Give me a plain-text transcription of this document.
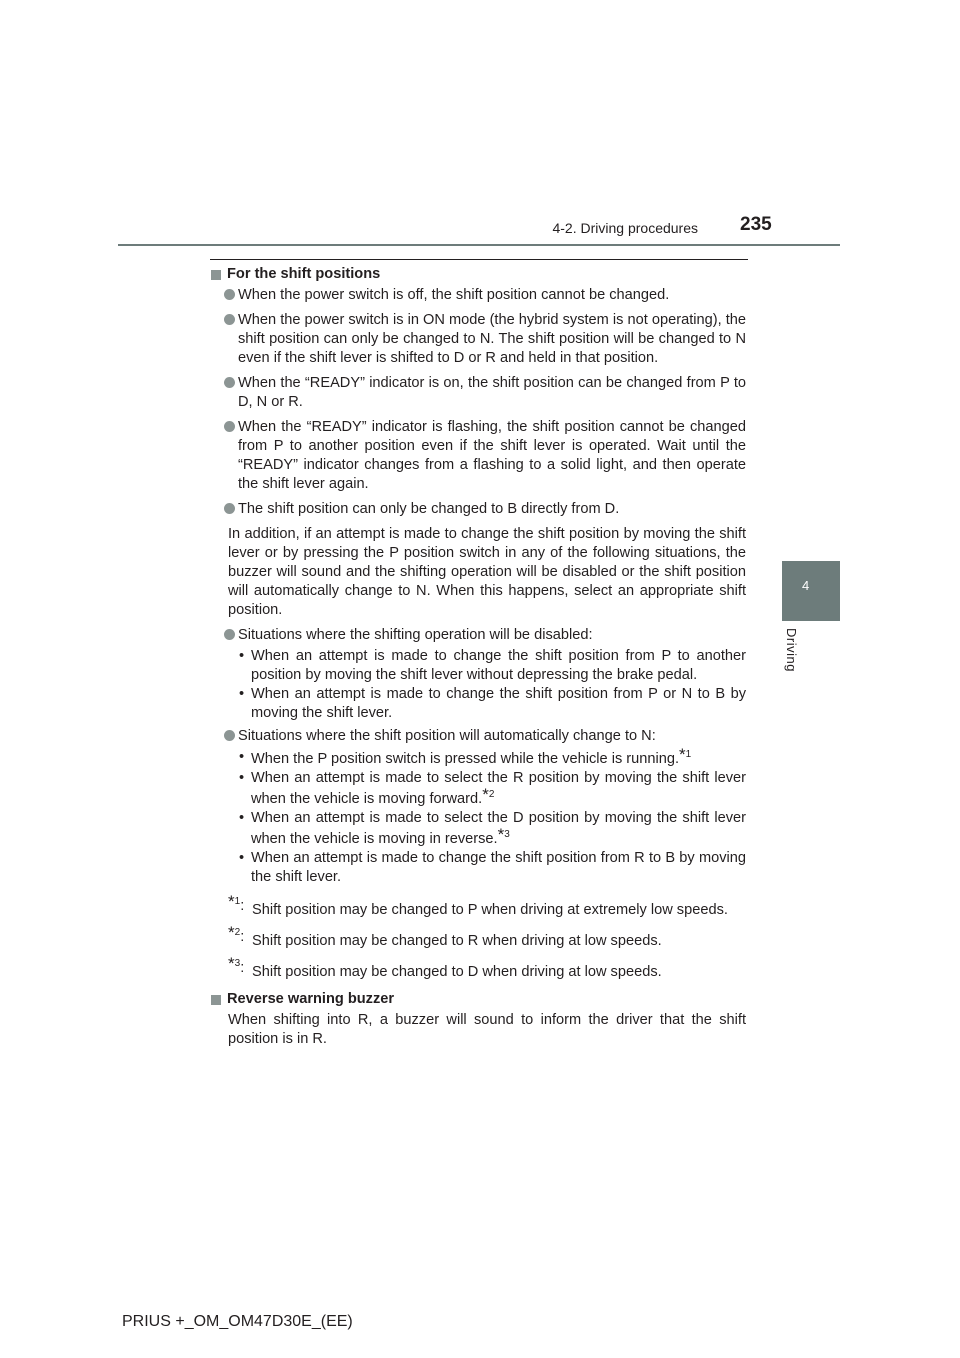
4-2. Driving procedures 235
4
Driving
For the shift positions
When the power switch is off, the shift position cannot be changed.
When the power switch is in ON mode (the hybrid system is not operating), the shift position can only be changed to N. The shift position will be changed to N even if the shift lever is shifted to D or R and held in that position.
When the “READY” indicator is on, the shift position can be changed from P to D, N or R.
When the “READY” indicator is flashing, the shift position cannot be changed from P to another position even if the shift lever is operated. Wait until the “READY” indicator changes from a flashing to a solid light, and then operate the shift lever again.
The shift position can only be changed to B directly from D.
In addition, if an attempt is made to change the shift position by moving the shift lever or by pressing the P position switch in any of the following situations, the buzzer will sound and the shifting operation will be disabled or the shift position will automatically change to N. When this happens, select an appropriate shift position.
Situations where the shifting operation will be disabled:
• When an attempt is made to change the shift position from P to another position by moving the shift lever without depressing the brake pedal.
• When an attempt is made to change the shift position from P or N to B by moving the shift lever.
Situations where the shift position will automatically change to N:
• When the P position switch is pressed while the vehicle is running.*$^1$
• When an attempt is made to select the R position by moving the shift lever when the vehicle is moving forward.*$^2$
• When an attempt is made to select the D position by moving the shift lever when the vehicle is moving in reverse.*$^3$
• When an attempt is made to change the shift position from R to B by moving the shift lever.
*$^1$: Shift position may be changed to P when driving at extremely low speeds.
*$^2$: Shift position may be changed to R when driving at low speeds.
*$^3$: Shift position may be changed to D when driving at low speeds.
Reverse warning buzzer
When shifting into R, a buzzer will sound to inform the driver that the shift position is in R.
PRIUS +_OM_OM47D30E_(EE)
